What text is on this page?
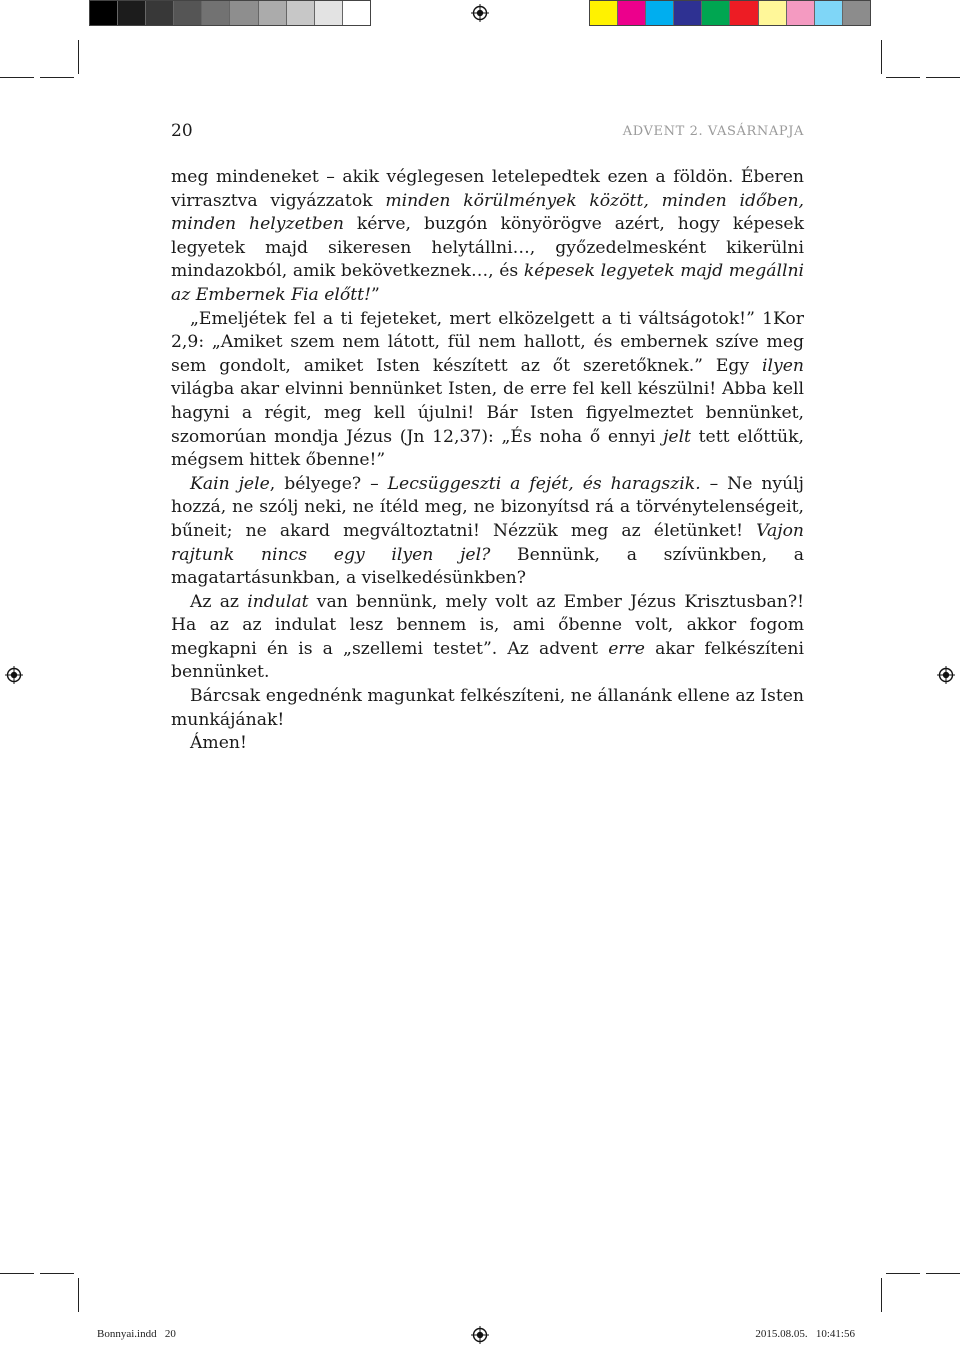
20	ADVENT 2. VASÁRNAPJA

meg mindeneket – akik véglegesen letelepedtek ezen a földön. Éberen virrasztva vigyázzatok minden körülmények között, minden időben, minden helyzetben kérve, buzgón könyörögve azért, hogy képesek legyetek majd sikeresen helytállni…, győzedelmesként kikerülni mindazokból, amik bekövetkeznek…, és képesek legyetek majd megállni az Embernek Fia előtt!”

„Emeljétek fel a ti fejeteket, mert elközelgett a ti váltságotok!” 1Kor 2,9: „Amiket szem nem látott, fül nem hallott, és embernek szíve meg sem gondolt, amiket Isten készített az őt szeretőknek.” Egy ilyen világba akar elvinni bennünket Isten, de erre fel kell készülni! Abba kell hagyni a régit, meg kell újulni! Bár Isten figyelmeztet bennünket, szomorúan mondja Jézus (Jn 12,37): „És noha ő ennyi jelt tett előttük, mégsem hittek őbenne!”

Kain jele, bélyege? – Lecsüggeszti a fejét, és haragszik. – Ne nyúlj hozzá, ne szólj neki, ne ítéld meg, ne bizonyítsd rá a törvénytelenségeit, bűneit; ne akard megváltoztatni! Nézzük meg az életünket! Vajon rajtunk nincs egy ilyen jel? Bennünk, a szívünkben, a magatartásunkban, a viselkedésünkben?

Az az indulat van bennünk, mely volt az Ember Jézus Krisztusban?! Ha az az indulat lesz bennem is, ami őbenne volt, akkor fogom megkapni én is a „szellemi testet”. Az advent erre akar felkészíteni bennünket.

Bárcsak engednénk magunkat felkészíteni, ne állanánk ellene az Isten munkájának!

Ámen!

Bonnyai.indd   20	2015.08.05.   10:41:56
